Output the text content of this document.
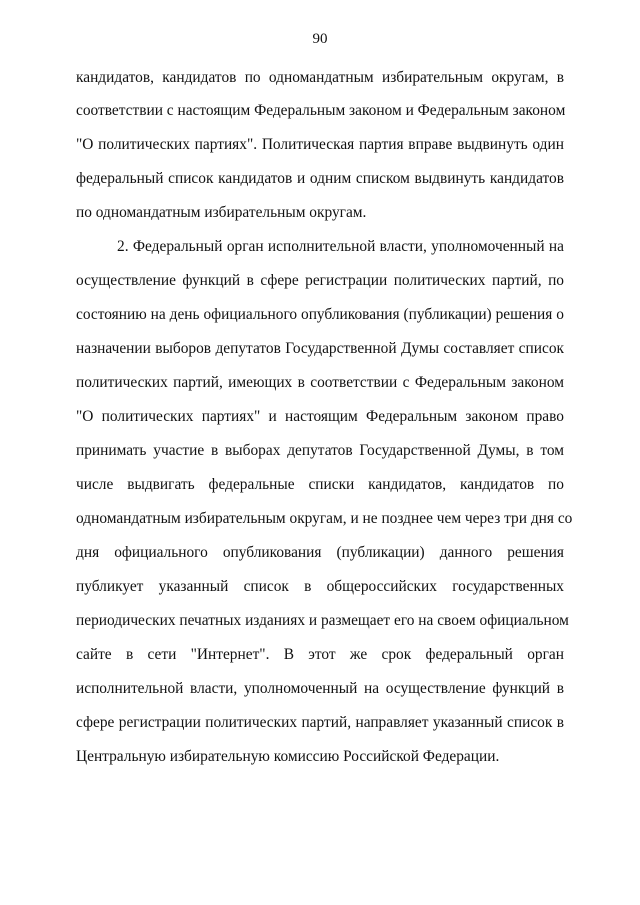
90
кандидатов, кандидатов по одномандатным избирательным округам, в
соответствии с настоящим Федеральным законом и Федеральным законом
"О политических партиях". Политическая партия вправе выдвинуть один
федеральный список кандидатов и одним списком выдвинуть кандидатов
по одномандатным избирательным округам.
2. Федеральный орган исполнительной власти, уполномоченный на
осуществление функций в сфере регистрации политических партий, по
состоянию на день официального опубликования (публикации) решения о
назначении выборов депутатов Государственной Думы составляет список
политических партий, имеющих в соответствии с Федеральным законом
"О политических партиях" и настоящим Федеральным законом право
принимать участие в выборах депутатов Государственной Думы, в том
числе выдвигать федеральные списки кандидатов, кандидатов по
одномандатным избирательным округам, и не позднее чем через три дня со
дня официального опубликования (публикации) данного решения
публикует указанный список в общероссийских государственных
периодических печатных изданиях и размещает его на своем официальном
сайте в сети "Интернет". В этот же срок федеральный орган
исполнительной власти, уполномоченный на осуществление функций в
сфере регистрации политических партий, направляет указанный список в
Центральную избирательную комиссию Российской Федерации.
